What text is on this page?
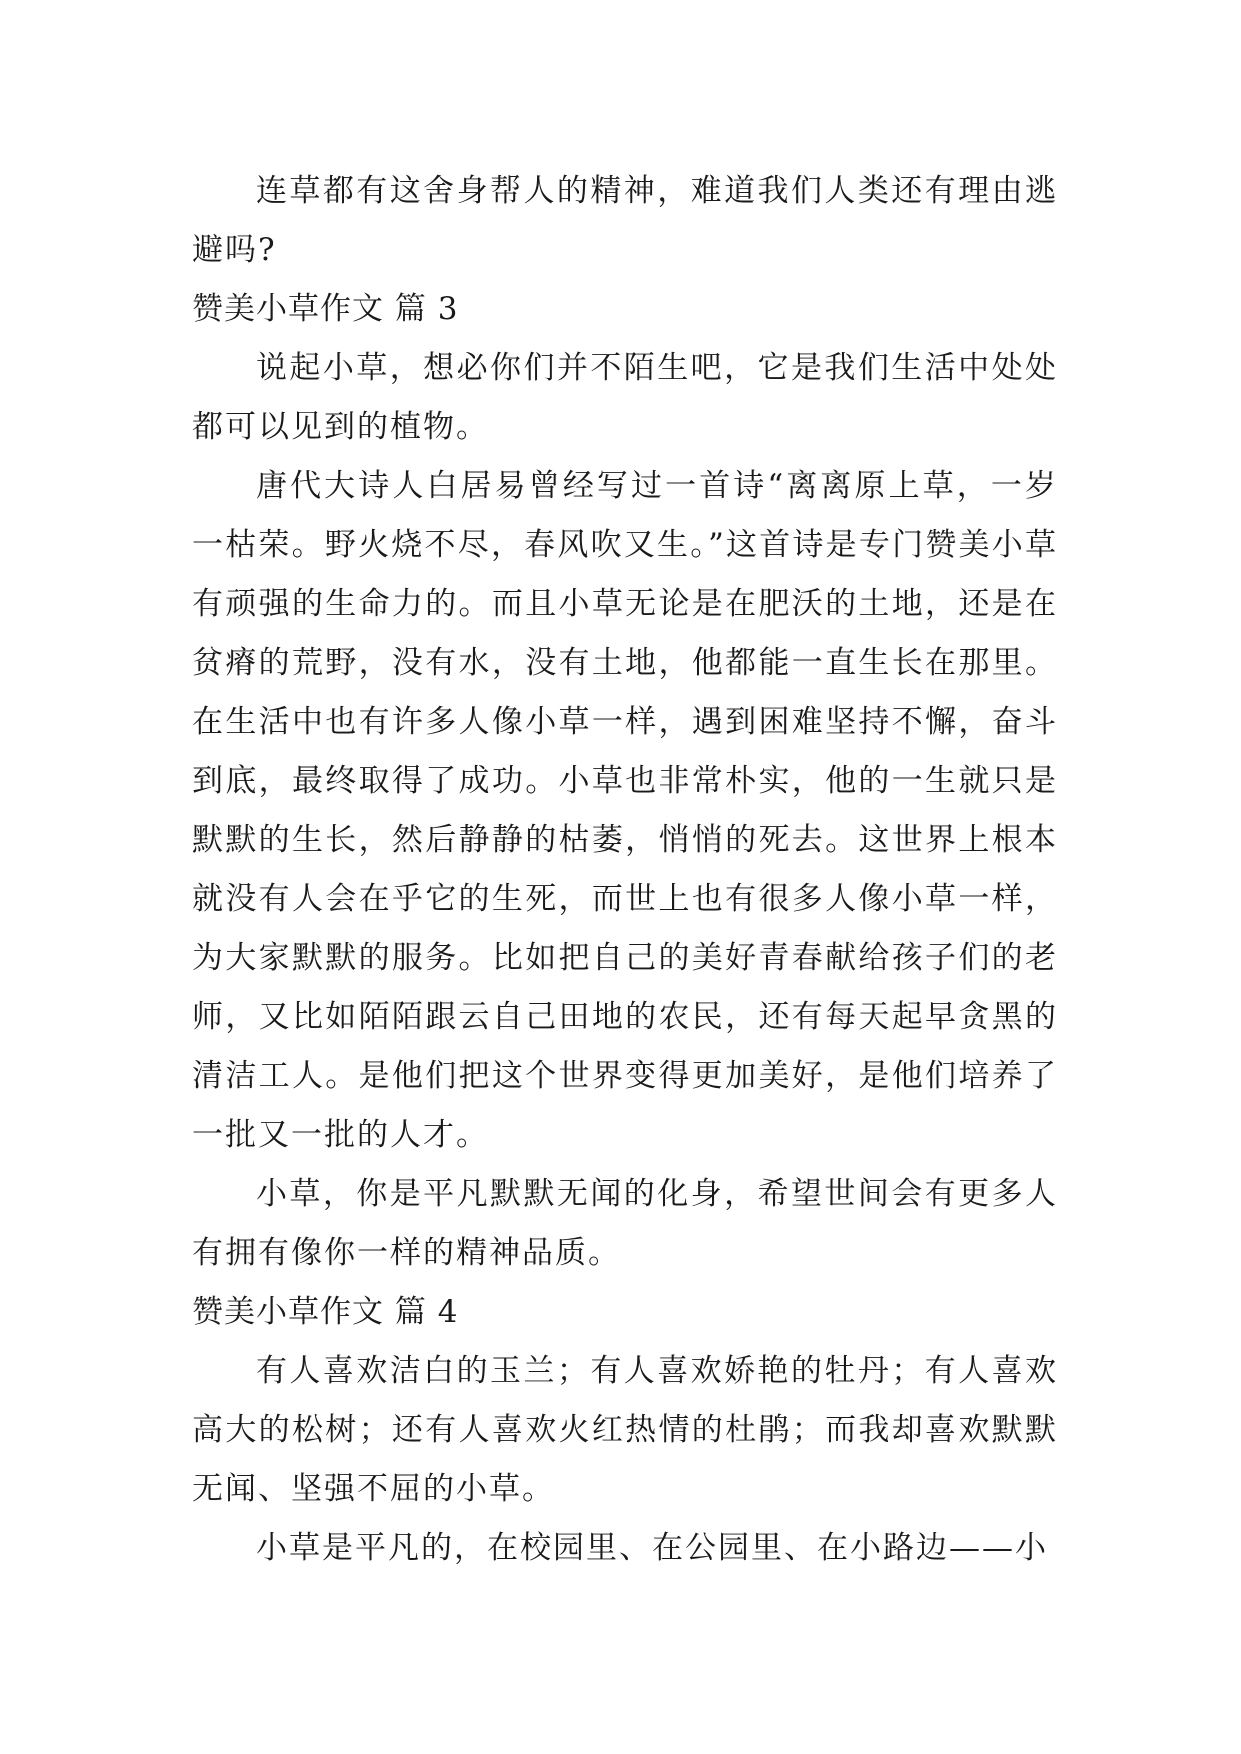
连草都有这舍身帮人的精神，难道我们人类还有理由逃避吗?

赞美小草作文 篇 3

说起小草，想必你们并不陌生吧，它是我们生活中处处都可以见到的植物。

唐代大诗人白居易曾经写过一首诗“离离原上草，一岁一枯荣。野火烧不尽，春风吹又生。”这首诗是专门赞美小草有顽强的生命力的。而且小草无论是在肥沃的土地，还是在贫瘠的荒野，没有水，没有土地，他都能一直生长在那里。在生活中也有许多人像小草一样，遇到困难坚持不懈，奋斗到底，最终取得了成功。小草也非常朴实，他的一生就只是默默的生长，然后静静的枯萎，悄悄的死去。这世界上根本就没有人会在乎它的生死，而世上也有很多人像小草一样，为大家默默的服务。比如把自己的美好青春献给孩子们的老师，又比如陌陌跟云自己田地的农民，还有每天起早贪黑的清洁工人。是他们把这个世界变得更加美好，是他们培养了一批又一批的人才。

小草，你是平凡默默无闻的化身，希望世间会有更多人有拥有像你一样的精神品质。

赞美小草作文 篇 4

有人喜欢洁白的玉兰；有人喜欢娇艳的牡丹；有人喜欢高大的松树；还有人喜欢火红热情的杜鹃；而我却喜欢默默无闻、坚强不屈的小草。

小草是平凡的，在校园里、在公园里、在小路边——小
